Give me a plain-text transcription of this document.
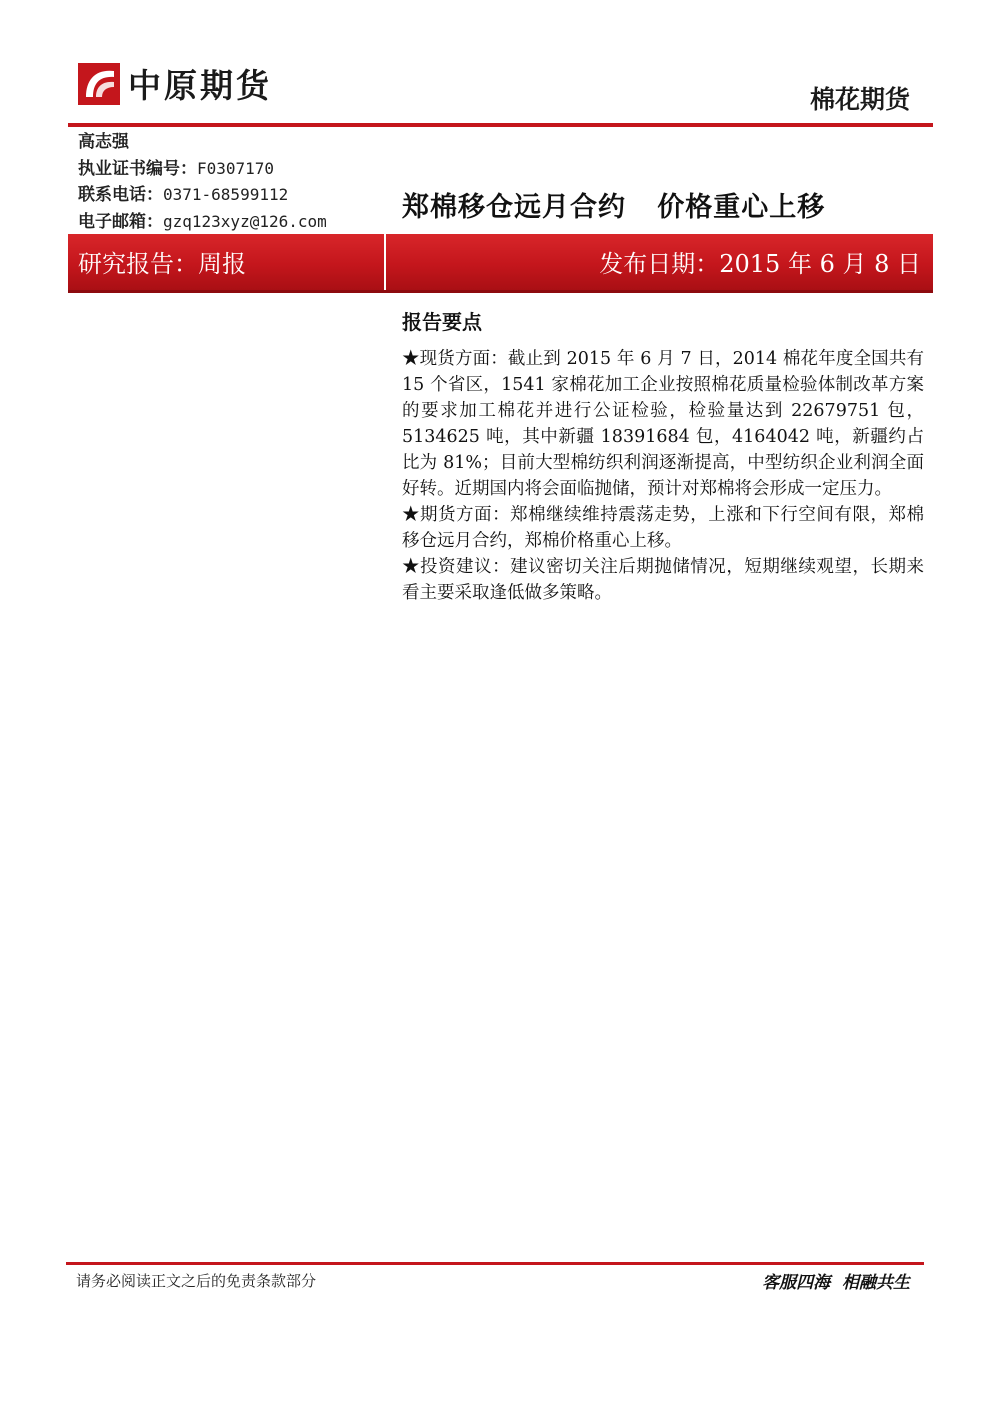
中原期货	棉花期货
高志强
执业证书编号：F0307170
联系电话：0371-68599112
电子邮箱：gzq123xyz@126.com	郑棉移仓远月合约   价格重心上移
研究报告：周报	发布日期：2015 年 6 月 8 日
报告要点

★现货方面：截止到 2015 年 6 月 7 日，2014 棉花年度全国共有 15 个省区，1541 家棉花加工企业按照棉花质量检验体制改革方案的要求加工棉花并进行公证检验，检验量达到 22679751 包，5134625 吨，其中新疆 18391684 包，4164042 吨，新疆约占比为 81%；目前大型棉纺织利润逐渐提高，中型纺织企业利润全面好转。近期国内将会面临抛储，预计对郑棉将会形成一定压力。

★期货方面：郑棉继续维持震荡走势，上涨和下行空间有限，郑棉移仓远月合约，郑棉价格重心上移。

★投资建议：建议密切关注后期抛储情况，短期继续观望，长期来看主要采取逢低做多策略。

请务必阅读正文之后的免责条款部分	客服四海  相融共生
